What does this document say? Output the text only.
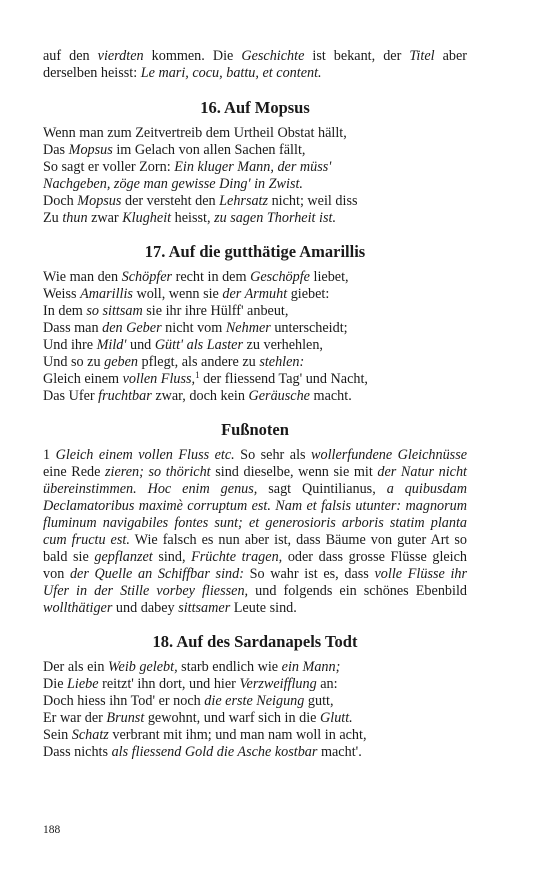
auf den vierdten kommen. Die Geschichte ist bekant, der Titel aber derselben heisst: Le mari, cocu, battu, et content.

16. Auf Mopsus
Wenn man zum Zeitvertreib dem Urtheil Obstat hällt,
Das Mopsus im Gelach von allen Sachen fällt,
So sagt er voller Zorn: Ein kluger Mann, der müss'
Nachgeben, zöge man gewisse Ding' in Zwist.
Doch Mopsus der versteht den Lehrsatz nicht; weil diss
Zu thun zwar Klugheit heisst, zu sagen Thorheit ist.
17. Auf die gutthätige Amarillis
Wie man den Schöpfer recht in dem Geschöpfe liebet,
Weiss Amarillis woll, wenn sie der Armuht giebet:
In dem so sittsam sie ihr ihre Hülff' anbeut,
Dass man den Geber nicht vom Nehmer unterscheidt;
Und ihre Mild' und Gütt' als Laster zu verhehlen,
Und so zu geben pflegt, als andere zu stehlen:
Gleich einem vollen Fluss,$^1$ der fliessend Tag' und Nacht,
Das Ufer fruchtbar zwar, doch kein Geräusche macht.
Fußnoten

1 Gleich einem vollen Fluss etc. So sehr als wollerfundene Gleichnüsse eine Rede zieren; so thöricht sind dieselbe, wenn sie mit der Natur nicht übereinstimmen. Hoc enim genus, sagt Quintilianus, a quibusdam Declamatoribus maximè corruptum est. Nam et falsis utunter: magnorum fluminum navigabiles fontes sunt; et generosioris arboris statim planta cum fructu est. Wie falsch es nun aber ist, dass Bäume von guter Art so bald sie gepflanzet sind, Früchte tragen, oder dass grosse Flüsse gleich von der Quelle an Schiffbar sind: So wahr ist es, dass volle Flüsse ihr Ufer in der Stille vorbey fliessen, und folgends ein schönes Ebenbild wollthätiger und dabey sittsamer Leute sind.

18. Auf des Sardanapels Todt
Der als ein Weib gelebt, starb endlich wie ein Mann;
Die Liebe reitzt' ihn dort, und hier Verzweifflung an:
Doch hiess ihn Tod' er noch die erste Neigung gutt,
Er war der Brunst gewohnt, und warf sich in die Glutt.
Sein Schatz verbrant mit ihm; und man nam woll in acht,
Dass nichts als fliessend Gold die Asche kostbar macht'.
188
